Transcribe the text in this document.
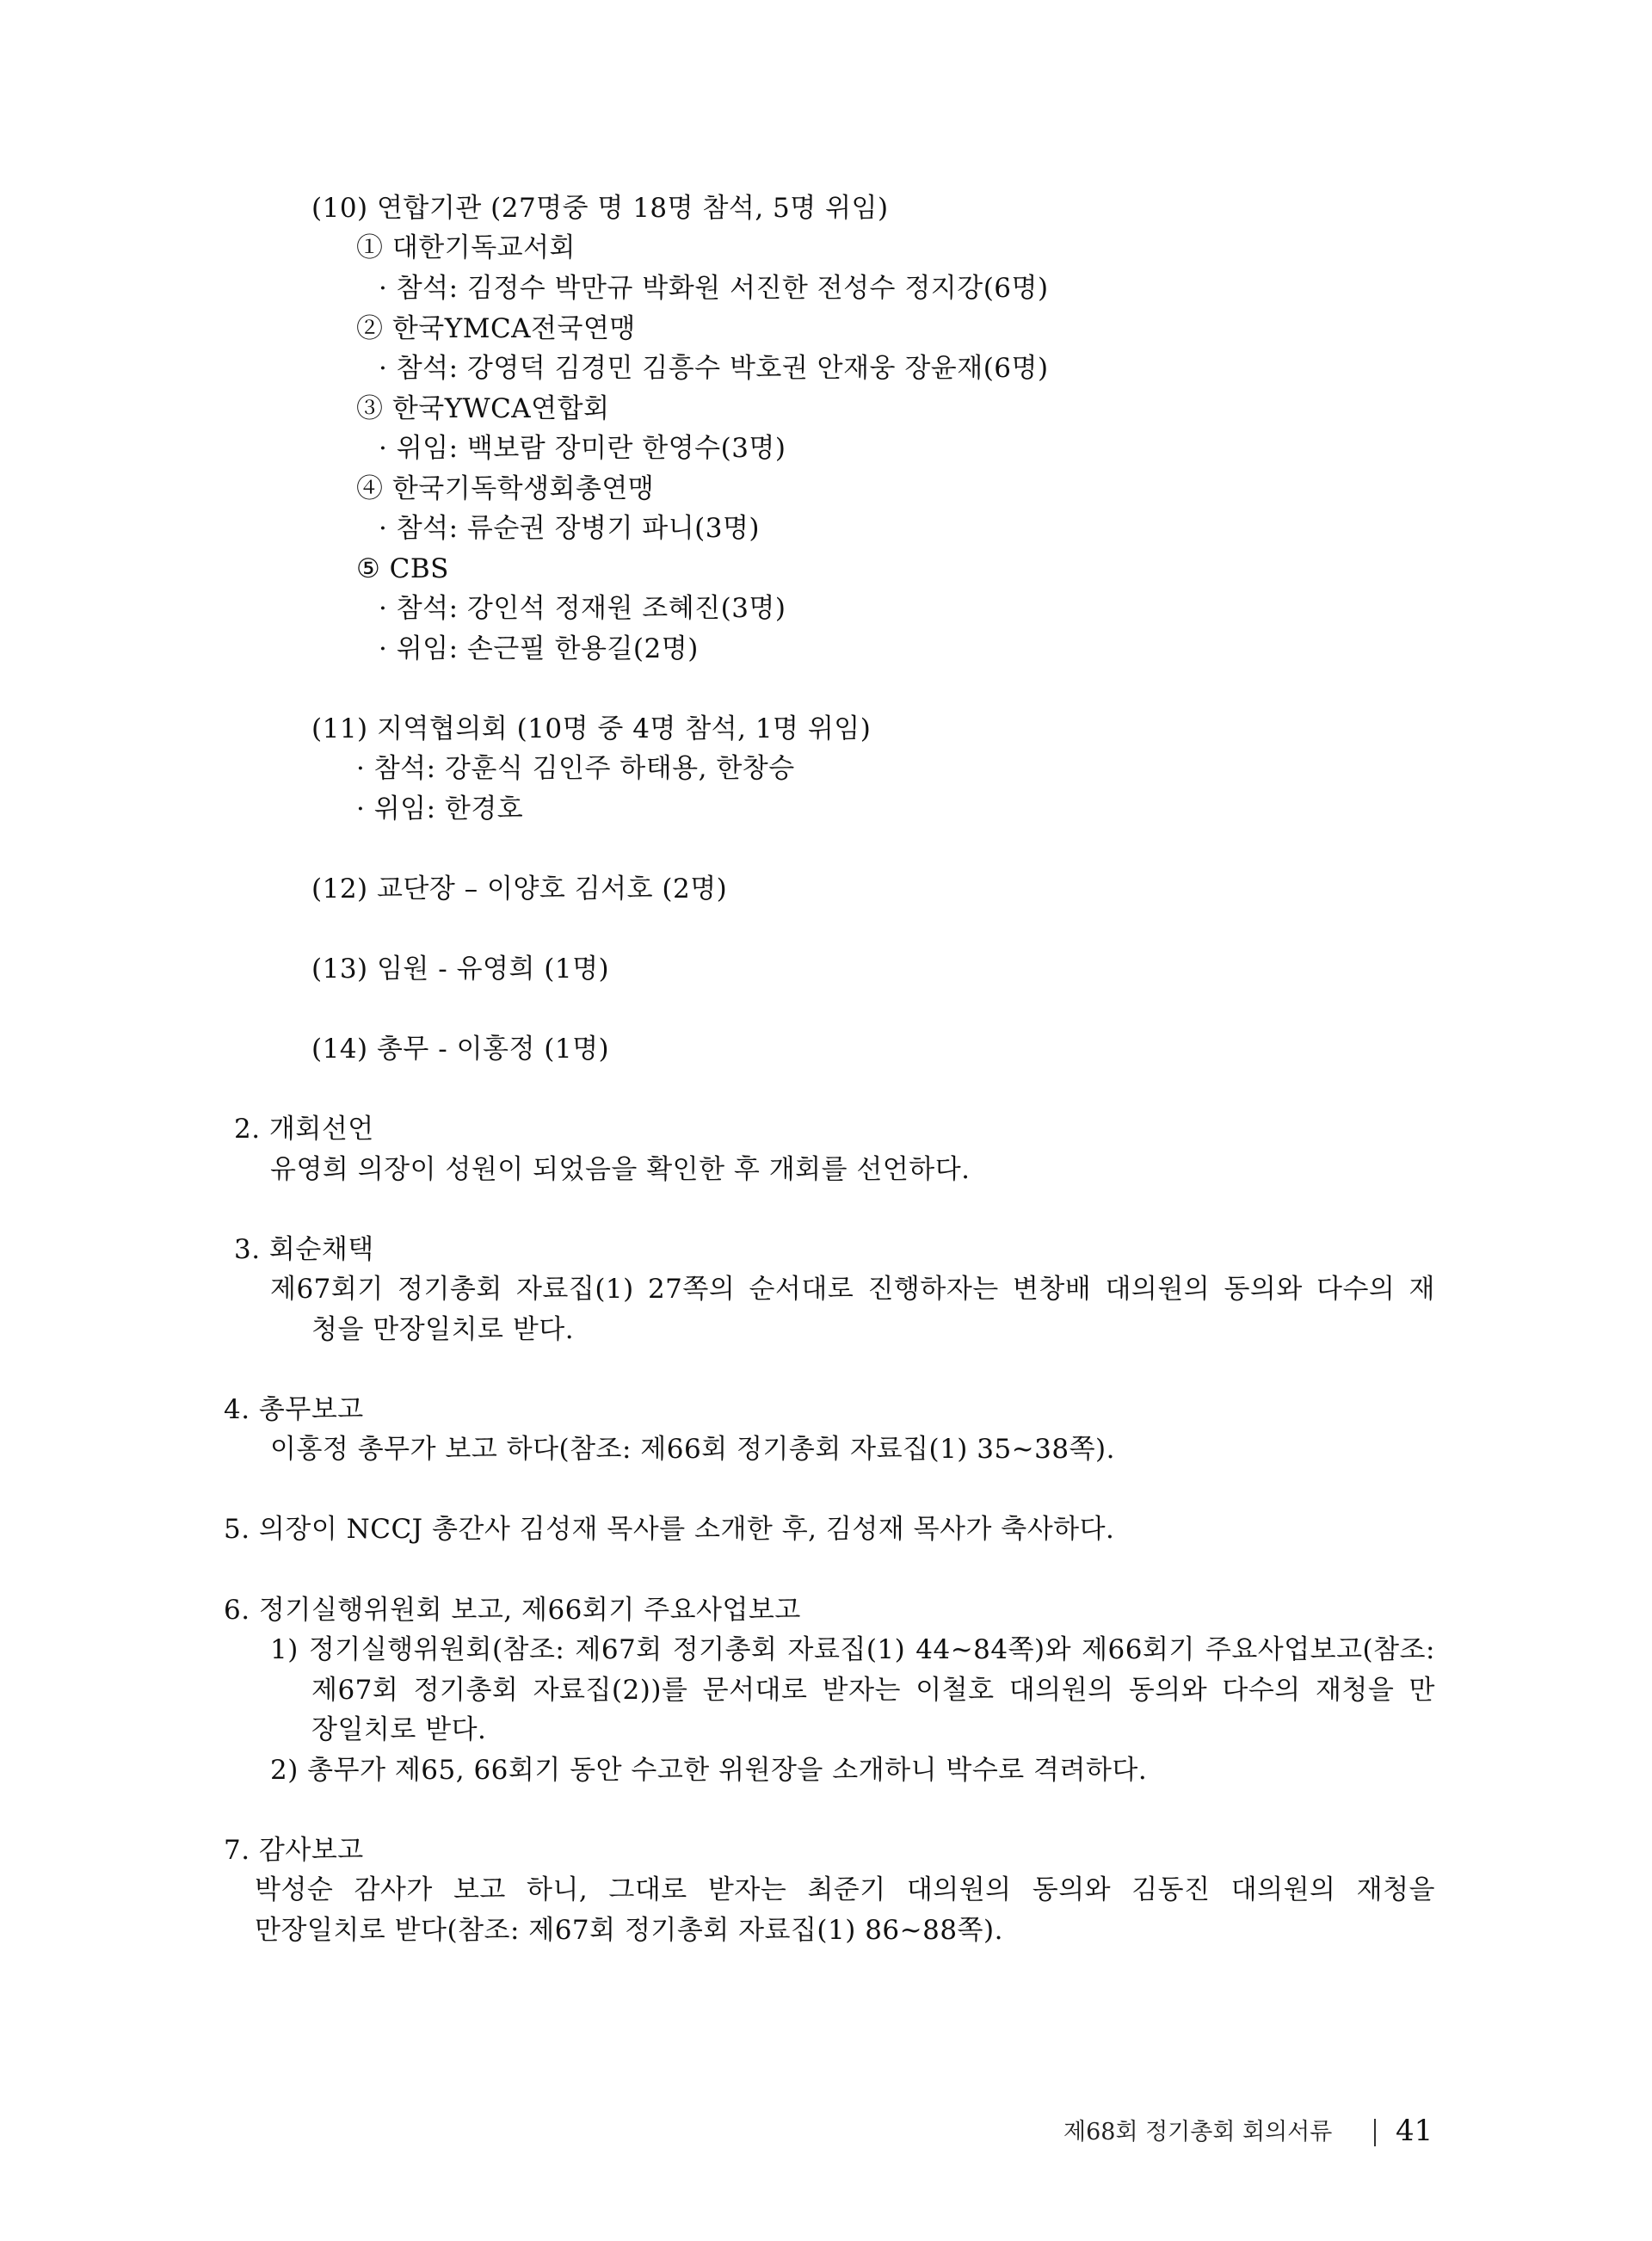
(10) 연합기관 (27명중 명 18명 참석, 5명 위임)
① 대한기독교서회
· 참석: 김정수 박만규 박화원 서진한 전성수 정지강(6명)
② 한국YMCA전국연맹
· 참석: 강영덕 김경민 김흥수 박호권 안재웅 장윤재(6명)
③ 한국YWCA연합회
· 위임: 백보람 장미란 한영수(3명)
④ 한국기독학생회총연맹
· 참석: 류순권 장병기 파니(3명)
⑤ CBS
· 참석: 강인석 정재원 조혜진(3명)
· 위임: 손근필 한용길(2명)
(11) 지역협의회 (10명 중 4명 참석, 1명 위임)
· 참석: 강훈식 김인주 하태용, 한창승
· 위임: 한경호
(12) 교단장 – 이양호 김서호 (2명)
(13) 임원 - 유영희 (1명)
(14) 총무 - 이홍정 (1명)
2. 개회선언
유영희 의장이 성원이 되었음을 확인한 후 개회를 선언하다.
3. 회순채택
제67회기 정기총회 자료집(1) 27쪽의 순서대로 진행하자는 변창배 대의원의 동의와 다수의 재
청을 만장일치로 받다.
4. 총무보고
이홍정 총무가 보고 하다(참조: 제66회 정기총회 자료집(1) 35~38쪽).
5. 의장이 NCCJ 총간사 김성재 목사를 소개한 후, 김성재 목사가 축사하다.
6. 정기실행위원회 보고, 제66회기 주요사업보고
1) 정기실행위원회(참조: 제67회 정기총회 자료집(1) 44~84쪽)와 제66회기 주요사업보고(참조:
제67회 정기총회 자료집(2))를 문서대로 받자는 이철호 대의원의 동의와 다수의 재청을 만
장일치로 받다.
2) 총무가 제65, 66회기 동안 수고한 위원장을 소개하니 박수로 격려하다.
7. 감사보고
박성순 감사가 보고 하니, 그대로 받자는 최준기 대의원의 동의와 김동진 대의원의 재청을
만장일치로 받다(참조: 제67회 정기총회 자료집(1) 86~88쪽).
제68회 정기총회 회의서류 41
